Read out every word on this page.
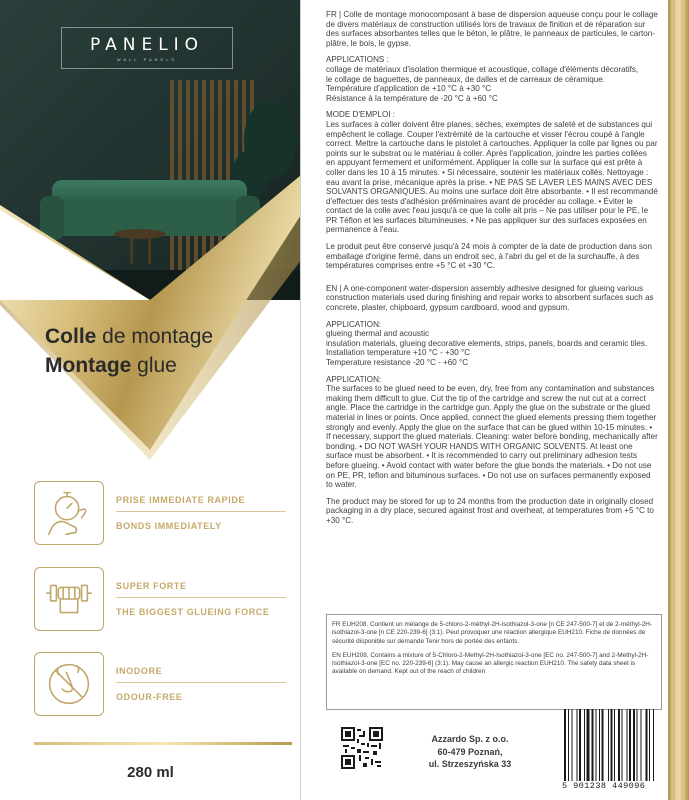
PANELIO
WALL PANELS
Colle de montage
Montage glue
PRISE IMMEDIATE RAPIDE
BONDS IMMEDIATELY
SUPER FORTE
THE BIGGEST GLUEING FORCE
INODORE
ODOUR-FREE
280 ml

FR | Colle de montage monocomposant à base de dispersion aqueuse conçu pour le collage de divers matériaux de construction utilisés lors de travaux de finition et de réparation sur des surfaces absorbantes telles que le béton, le plâtre, le panneaux de particules, le carton-plâtre, le bois, le gypse.

APPLICATIONS :

collage de matériaux d'isolation thermique et acoustique, collage d'éléments décoratifs,
le collage de baguettes, de panneaux, de dalles et de carreaux de céramique.
Température d'application de +10 °C à +30 °C
Résistance à la température de -20 °C à +60 °C

MODE D'EMPLOI :

Les surfaces à coller doivent être planes, sèches, exemptes de saleté et de substances qui
empêchent le collage. Couper l'extrémité de la cartouche et visser l'écrou coupé à l'angle correct. Mettre la cartouche dans le pistolet à cartouches. Appliquer la colle par lignes ou par points sur le substrat ou le matériau à coller. Après l'application, joindre les parties collées en appuyant fermement et uniformément. Appliquer la colle sur la surface qui est prête à coller dans les 10 à 15 minutes. • Si nécessaire, soutenir les matériaux collés. Nettoyage : eau avant la prise, mécanique après la prise. • NE PAS SE LAVER LES MAINS AVEC DES SOLVANTS ORGANIQUES. Au moins une surface doit être absorbante. • Il est recommandé d'effectuer des tests d'adhésion préliminaires avant de procéder au collage. • Éviter le contact de la colle avec l'eau jusqu'à ce que la colle ait pris – Ne pas utiliser pour le PE, le PR Téflon et les surfaces bitumineuses. • Ne pas appliquer sur des surfaces exposées en permanence à l'eau.

Le produit peut être conservé jusqu'à 24 mois à compter de la date de production dans son emballage d'origine fermé, dans un endroit sec, à l'abri du gel et de la surchauffe, à des températures comprises entre +5 °C et +30 °C.

EN | A one-component water-dispersion assembly adhesive designed for glueing various construction materials used during finishing and repair works to absorbent surfaces such as concrete, plaster, chipboard, gypsum cardboard, wood and gypsum.

APPLICATION:

glueing thermal and acoustic
insulation materials, glueing decorative elements, strips, panels, boards and ceramic tiles.
Installation temperature +10 °C - +30 °C
Temperature resistance -20 °C - +60 °C

APPLICATION:

The surfaces to be glued need to be even, dry, free from any contamination and substances making them difficult to glue. Cut the tip of the cartridge and screw the nut cut at a correct angle. Place the cartridge in the cartridge gun. Apply the glue on the substrate or the glued material in lines or points. Once applied, connect the glued elements pressing them together strongly and evenly. Apply the glue on the surface that can be glued within 10-15 minutes. • If necessary, support the glued materials. Cleaning: water before bonding, mechanically after bonding. • DO NOT WASH YOUR HANDS WITH ORGANIC SOLVENTS. At least one surface must be absorbent. • It is recommended to carry out preliminary adhesion tests before glueing. • Avoid contact with water before the glue bonds the materials. • Do not use on PE, PR, teflon and bituminous surfaces. • Do not use on surfaces permanently exposed to water.

The product may be stored for up to 24 months from the production date in originally closed packaging in a dry place, secured against frost and overheat, at temperatures from +5 °C to +30 °C.

FR EUH208. Contient un mélange de 5-chloro-2-méthyl-2H-isothiazol-3-one [n CE 247-500-7] et de 2-méthyl-2H-isothiazol-3-one [n CE 220-239-6] (3:1). Peut provoquer une réaction allergique EUH210. Fiche de données de sécurité disponible sur demande Tenir hors de portée des enfants.

EN EUH208. Contains a mixture of 5-Chloro-2-Methyl-2H-Isothiazol-3-one [EC no. 247-500-7] and 2-Methyl-2H-Isothiazol-3-one [EC no. 220-239-6] (3:1). May cause an allergic reaction EUH210. The safety data sheet is available on demand. Kept out of the reach of children

Azzardo Sp. z o.o.
60-479 Poznań,
ul. Strzeszyńska 33
5 901238 449096
